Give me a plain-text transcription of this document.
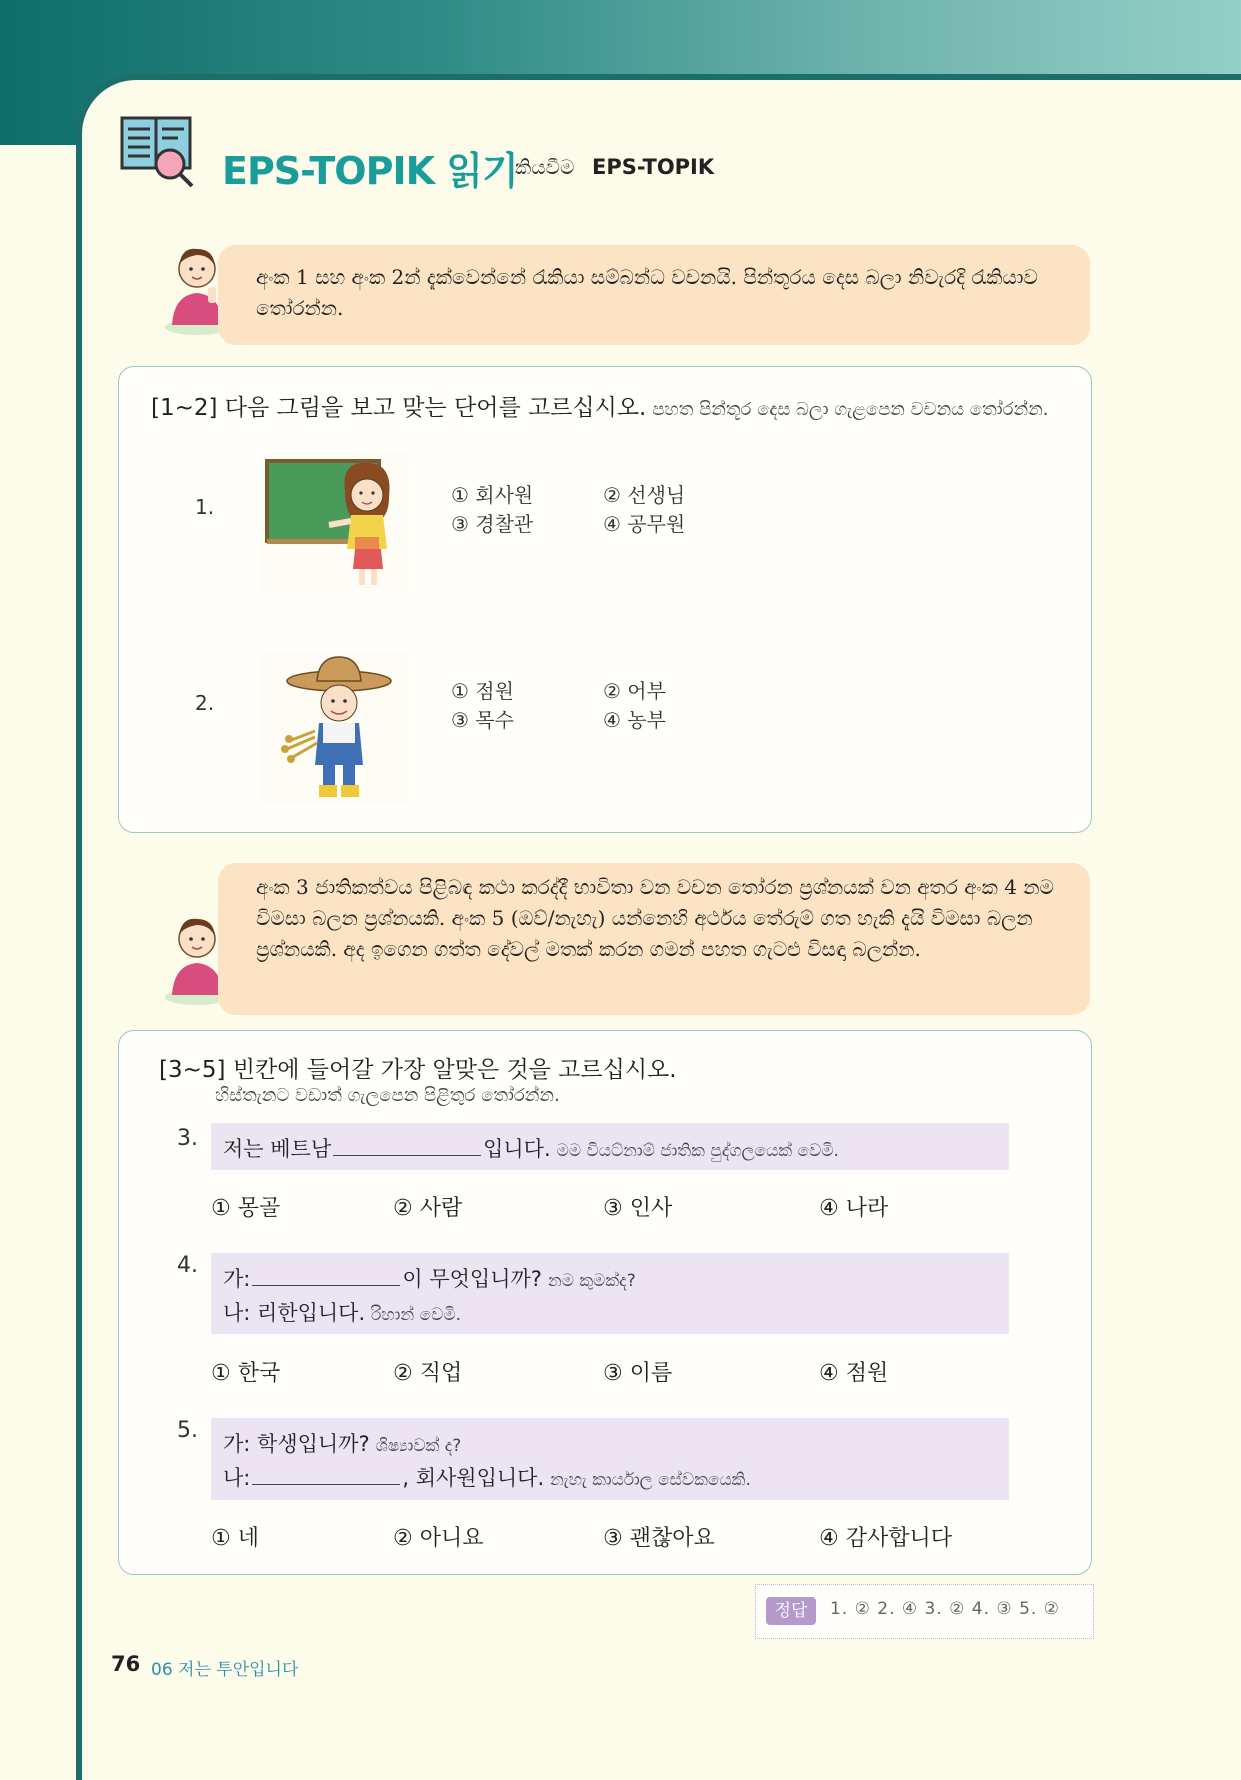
EPS-TOPIK 읽기
කියවීම EPS-TOPIK

අංක 1 සහ අංක 2න් දැක්වෙන්නේ රැකියා සම්බන්ධ වචනයි. පින්තූරය දෙස බලා නිවැරදි රැකියාව තෝරන්න.

[1~2] 다음 그림을 보고 맞는 단어를 고르십시오. පහත පින්තූර දෙස බලා ගැළපෙන වචනය තෝරන්න.
1.	① 회사원	② 선생님
③ 경찰관	④ 공무원
2.	① 점원	② 어부
③ 목수	④ 농부

අංක 3 ජාතිකත්වය පිළිබඳ කථා කරද්දී භාවිතා වන වචන තෝරන ප්‍රශ්නයක් වන අතර අංක 4 නම විමසා බලන ප්‍රශ්නයකි. අංක 5 (ඔව්/නැහැ) යන්නෙහි අර්ථය තේරුම් ගත හැකි දැයි විමසා බලන ප්‍රශ්නයකි. අද ඉගෙන ගත්ත දේවල් මතක් කරන ගමන් පහත ගැටළු විසඳා බලන්න.

[3~5] 빈칸에 들어갈 가장 알맞은 것을 고르십시오.
හිස්තැනට වඩාත් ගැලපෙන පිළිතුර තෝරන්න.
3. 저는 베트남	입니다. මම වියට්නාම් ජාතික පුද්ගලයෙක් වෙමි.
① 몽골	② 사람	③ 인사	④ 나라
4.
가:	이 무엇입니까? නම කුමක්ද?
나: 리한입니다. රිහාන් වෙමි.
① 한국	② 직업	③ 이름	④ 점원
5.
가: 학생입니까? ශිෂ්‍යාවක් ද?
나:	, 회사원입니다. නැහැ කාර්යාල සේවකයෙකි.
① 네	② 아니요	③ 괜찮아요	④ 감사합니다
정답	1. ② 2. ④ 3. ② 4. ③ 5. ②
76 06 저는 투안입니다
